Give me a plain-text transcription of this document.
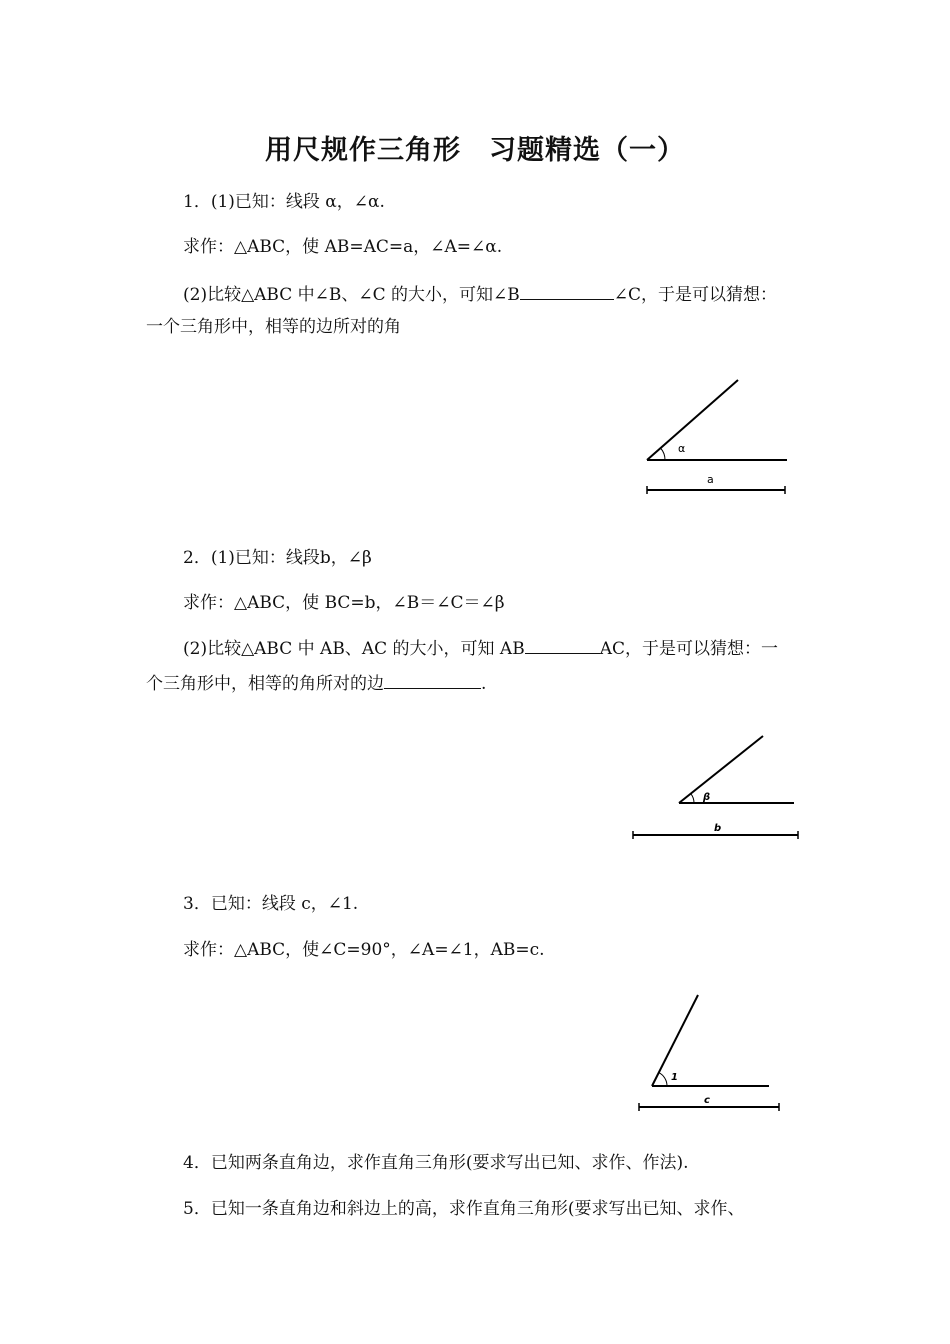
用尺规作三角形　习题精选（一）
1．(1)已知：线段 α，∠α.
求作：△ABC，使 AB=AC=a，∠A=∠α.
(2)比较△ABC 中∠B、∠C 的大小，可知∠B	∠C，于是可以猜想：
一个三角形中，相等的边所对的角
α
a
2．(1)已知：线段b，∠β
求作：△ABC，使 BC=b，∠B＝∠C＝∠β
(2)比较△ABC 中 AB、AC 的大小，可知 AB	AC，于是可以猜想：一
个三角形中，相等的角所对的边	.
β
b
3．已知：线段 c，∠1.
求作：△ABC，使∠C=90°，∠A=∠1，AB=c.
1
c
4．已知两条直角边，求作直角三角形(要求写出已知、求作、作法).
5．已知一条直角边和斜边上的高，求作直角三角形(要求写出已知、求作、
